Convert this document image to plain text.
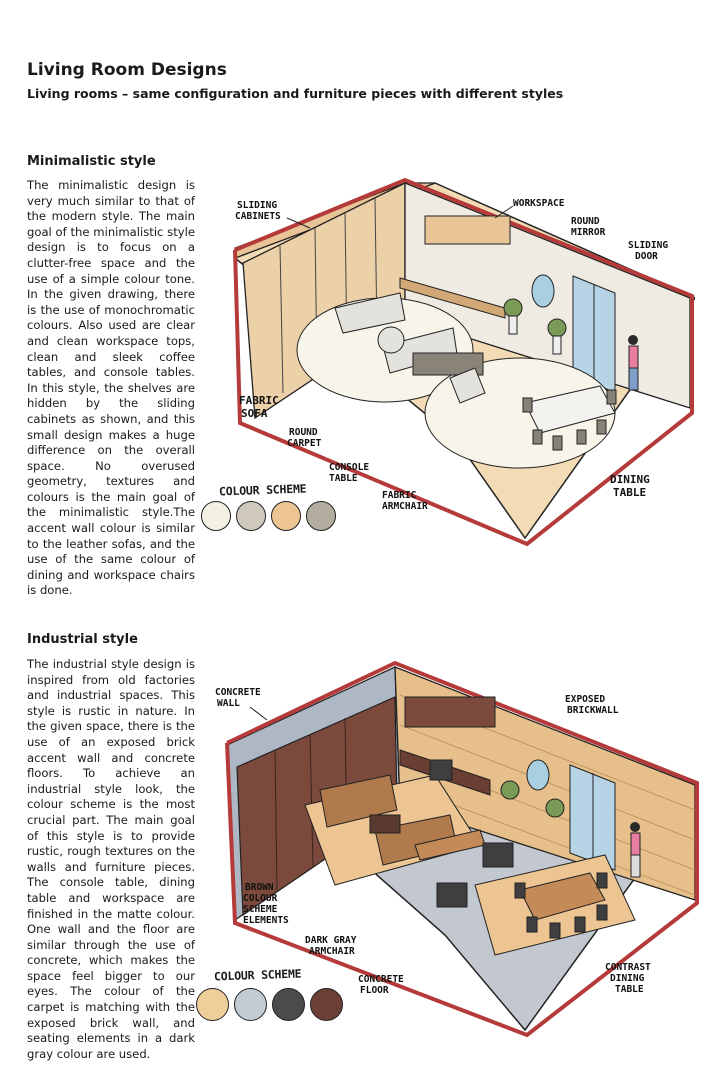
Living Room Designs
Living rooms – same configuration and furniture pieces with different styles
Minimalistic style

The minimalistic design is very much similar to that of the modern style. The main goal of the minimalistic style design is to focus on a clutter-free space and the use of a simple colour tone. In the given drawing, there is the use of monochromatic colours. Also used are clear and clean workspace tops, clean and sleek coffee tables, and console tables. In this style, the shelves are hidden by the sliding cabinets as shown, and this small design makes a huge difference on the overall space. No overused geometry, textures and colours is the main goal of the minimalistic style.The accent wall colour is similar to the leather sofas, and the use of the same colour of dining and workspace chairs is done.

COLOUR SCHEME
SLIDING CABINETS
WORKSPACE
ROUND MIRROR
SLIDING DOOR
FABRIC SOFA
ROUND CARPET
CONSOLE TABLE
FABRIC ARMCHAIR
DINING TABLE
Industrial style

The industrial style design is inspired from old factories and industrial spaces. This style is rustic in nature. In the given space, there is the use of an exposed brick accent wall and concrete floors. To achieve an industrial style look, the colour scheme is the most crucial part. The main goal of this style is to provide rustic, rough textures on the walls and furniture pieces. The console table, dining table and workspace are finished in the matte colour. One wall and the floor are similar through the use of concrete, which makes the space feel bigger to our eyes. The colour of the carpet is matching with the exposed brick wall, and seating elements in a dark gray colour are used.

COLOUR SCHEME
CONCRETE WALL	EXPOSED BRICKWALL
BROWN COLOUR SCHEME ELEMENTS
DARK GRAY ARMCHAIR
CONCRETE FLOOR
CONTRAST DINING TABLE
